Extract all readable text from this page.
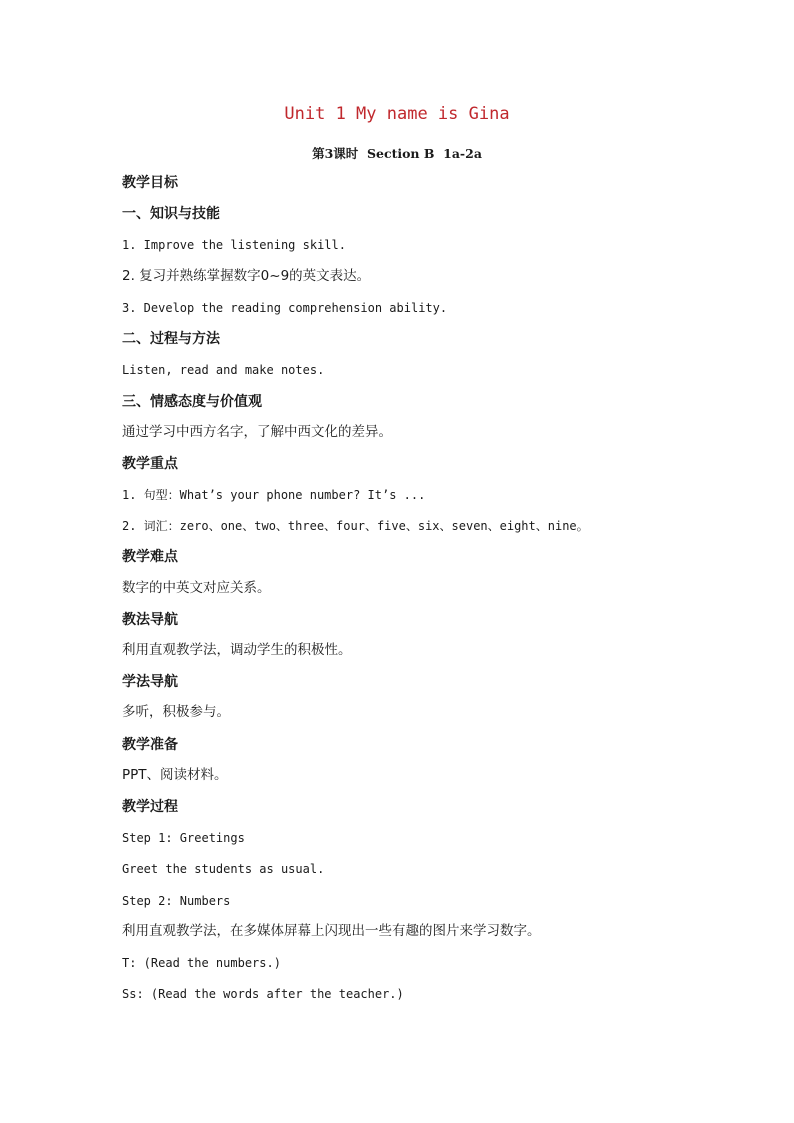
Unit 1 My name is Gina
第3课时  Section B  1a-2a
教学目标
一、知识与技能
1. Improve the listening skill.
2. 复习并熟练掌握数字0~9的英文表达。
3. Develop the reading comprehension ability.
二、过程与方法
Listen, read and make notes.
三、情感态度与价值观
通过学习中西方名字，了解中西文化的差异。
教学重点
1. 句型：What’s your phone number? It’s ...
2. 词汇：zero、one、two、three、four、five、six、seven、eight、nine。
教学难点
数字的中英文对应关系。
教法导航
利用直观教学法，调动学生的积极性。
学法导航
多听，积极参与。
教学准备
PPT、阅读材料。
教学过程
Step 1: Greetings
Greet the students as usual.
Step 2: Numbers
利用直观教学法，在多媒体屏幕上闪现出一些有趣的图片来学习数字。
T: (Read the numbers.)
Ss: (Read the words after the teacher.)
